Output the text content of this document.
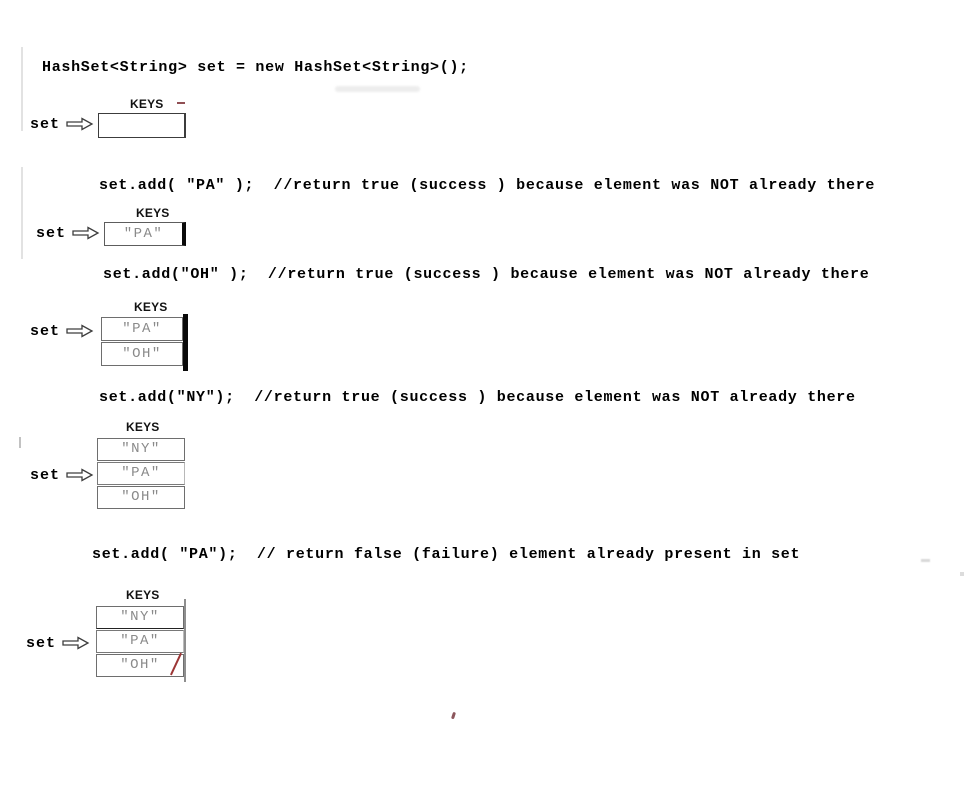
HashSet<String> set = new HashSet<String>();
KEYS
set
set.add( "PA" );  //return true (success ) because element was NOT already there
KEYS
set	"PA"
set.add("OH" );  //return true (success ) because element was NOT already there
KEYS
set	"PA"
"OH"
set.add("NY");  //return true (success ) because element was NOT already there
KEYS
set
"NY"
"PA"
"OH"
set.add( "PA");  // return false (failure) element already present in set
KEYS
set
"NY"
"PA"
"OH"
